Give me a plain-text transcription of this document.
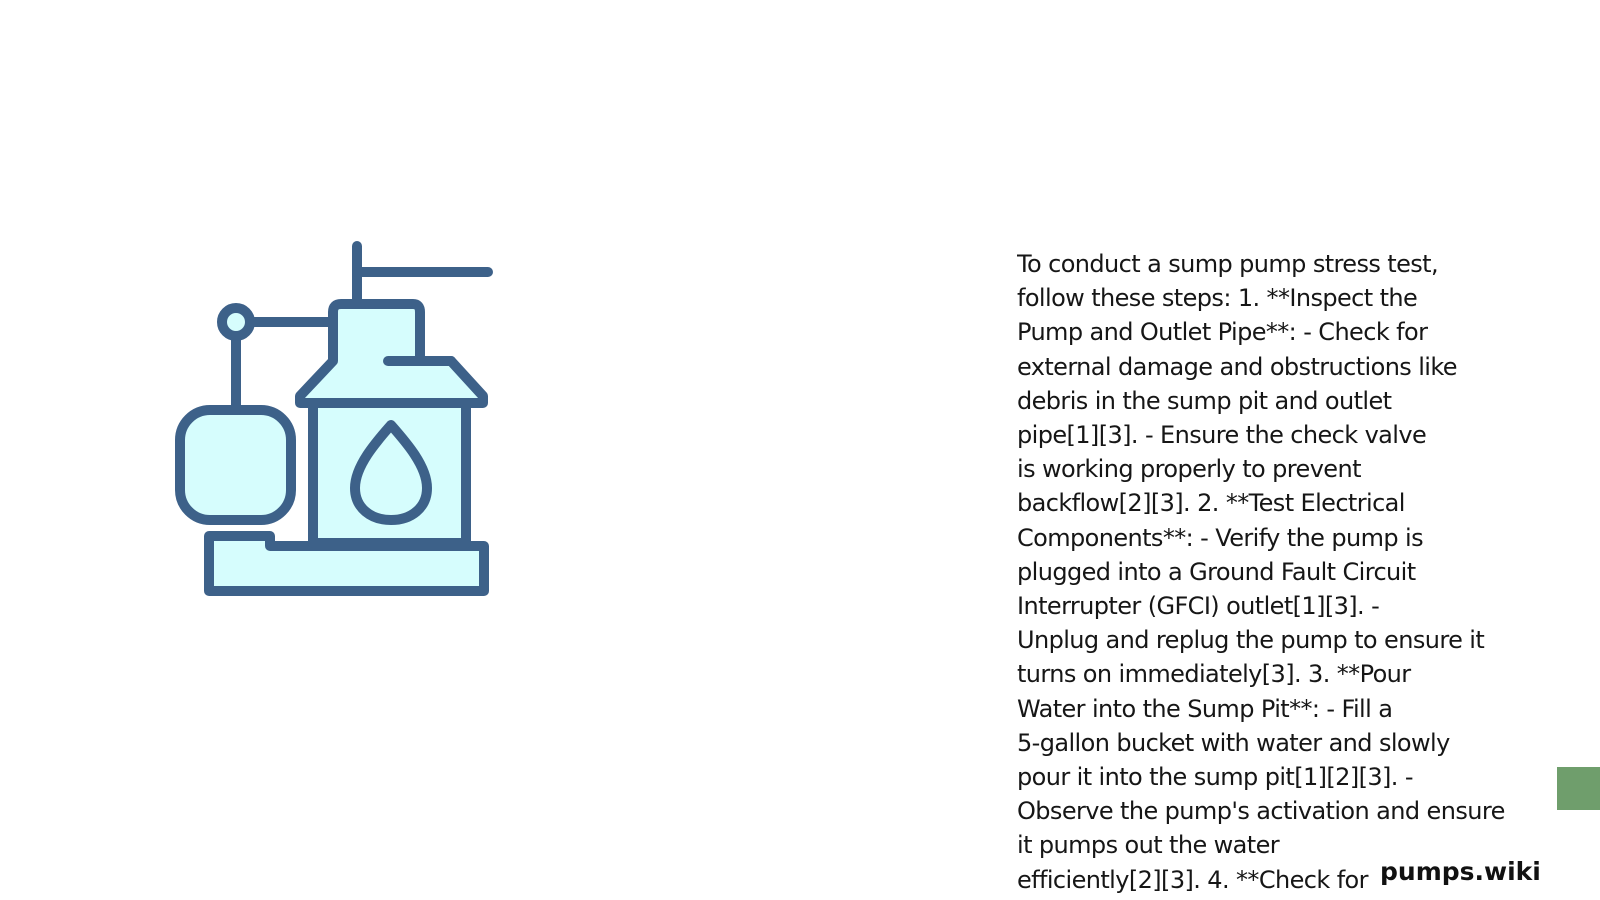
To conduct a sump pump stress test,
follow these steps: 1. **Inspect the
Pump and Outlet Pipe**: - Check for
external damage and obstructions like
debris in the sump pit and outlet
pipe[1][3]. - Ensure the check valve
is working properly to prevent
backflow[2][3]. 2. **Test Electrical
Components**: - Verify the pump is
plugged into a Ground Fault Circuit
Interrupter (GFCI) outlet[1][3]. -
Unplug and replug the pump to ensure it
turns on immediately[3]. 3. **Pour
Water into the Sump Pit**: - Fill a
5-gallon bucket with water and slowly
pour it into the sump pit[1][2][3]. -
Observe the pump's activation and ensure
it pumps out the water
efficiently[2][3]. 4. **Check for pumps.wiki
